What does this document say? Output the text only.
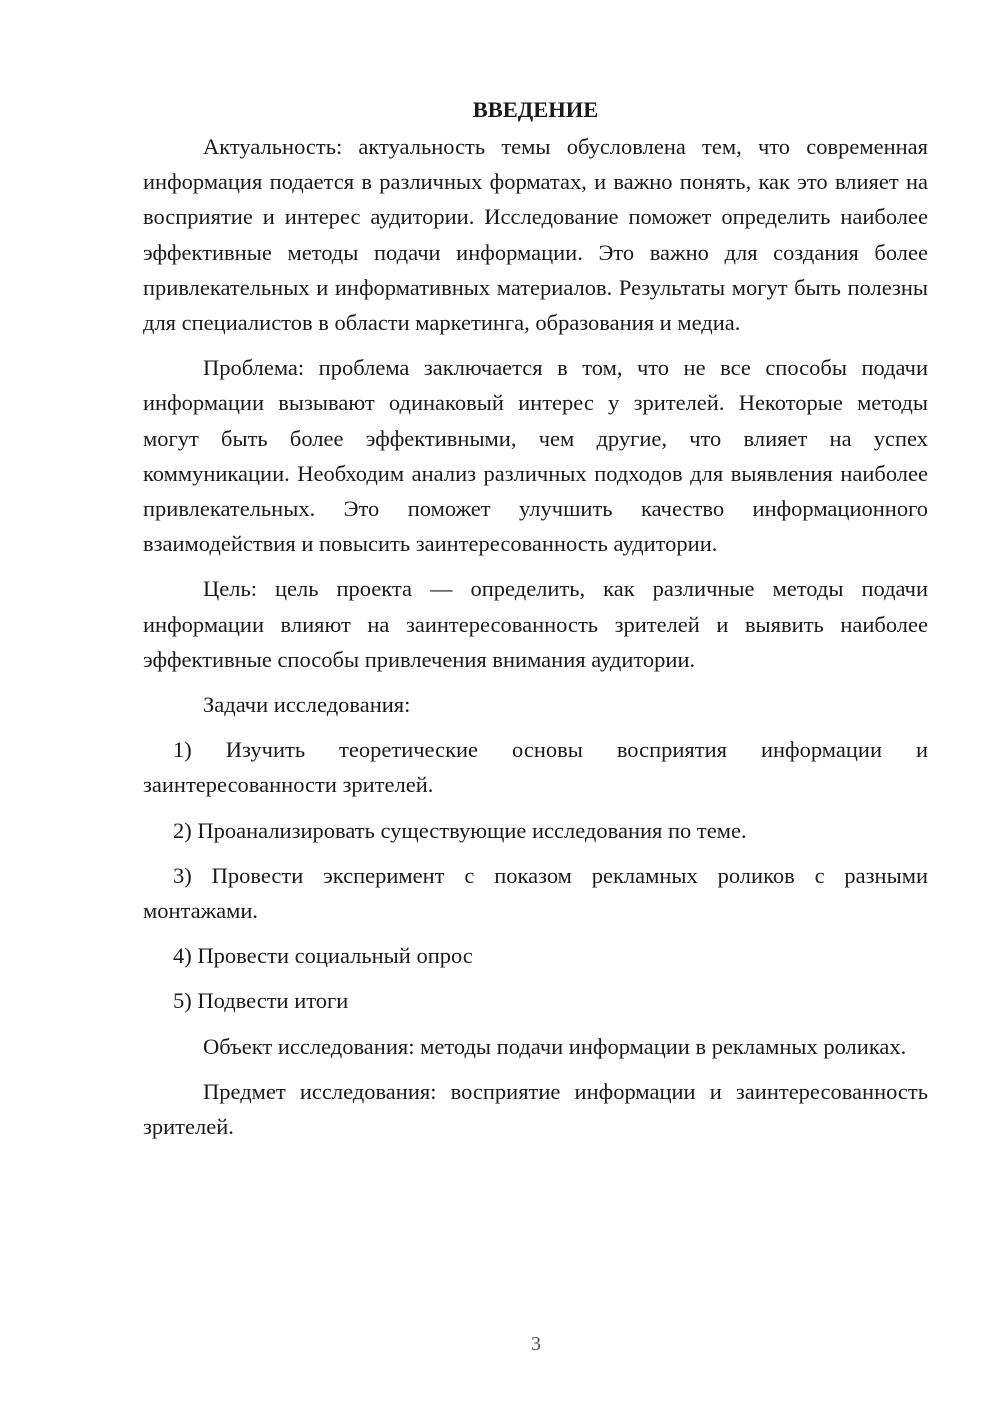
ВВЕДЕНИЕ

Актуальность: актуальность темы обусловлена тем, что современная информация подается в различных форматах, и важно понять, как это влияет на восприятие и интерес аудитории. Исследование поможет определить наиболее эффективные методы подачи информации. Это важно для создания более привлекательных и информативных материалов. Результаты могут быть полезны для специалистов в области маркетинга, образования и медиа.

Проблема: проблема заключается в том, что не все способы подачи информации вызывают одинаковый интерес у зрителей. Некоторые методы могут быть более эффективными, чем другие, что влияет на успех коммуникации. Необходим анализ различных подходов для выявления наиболее привлекательных. Это поможет улучшить качество информационного взаимодействия и повысить заинтересованность аудитории.

Цель: цель проекта — определить, как различные методы подачи информации влияют на заинтересованность зрителей и выявить наиболее эффективные способы привлечения внимания аудитории.

Задачи исследования:

1) Изучить теоретические основы восприятия информации и заинтересованности зрителей.

2) Проанализировать существующие исследования по теме.

3) Провести эксперимент с показом рекламных роликов с разными монтажами.

4) Провести социальный опрос

5) Подвести итоги

Объект исследования: методы подачи информации в рекламных роликах.

Предмет исследования: восприятие информации и заинтересованность зрителей.

3
